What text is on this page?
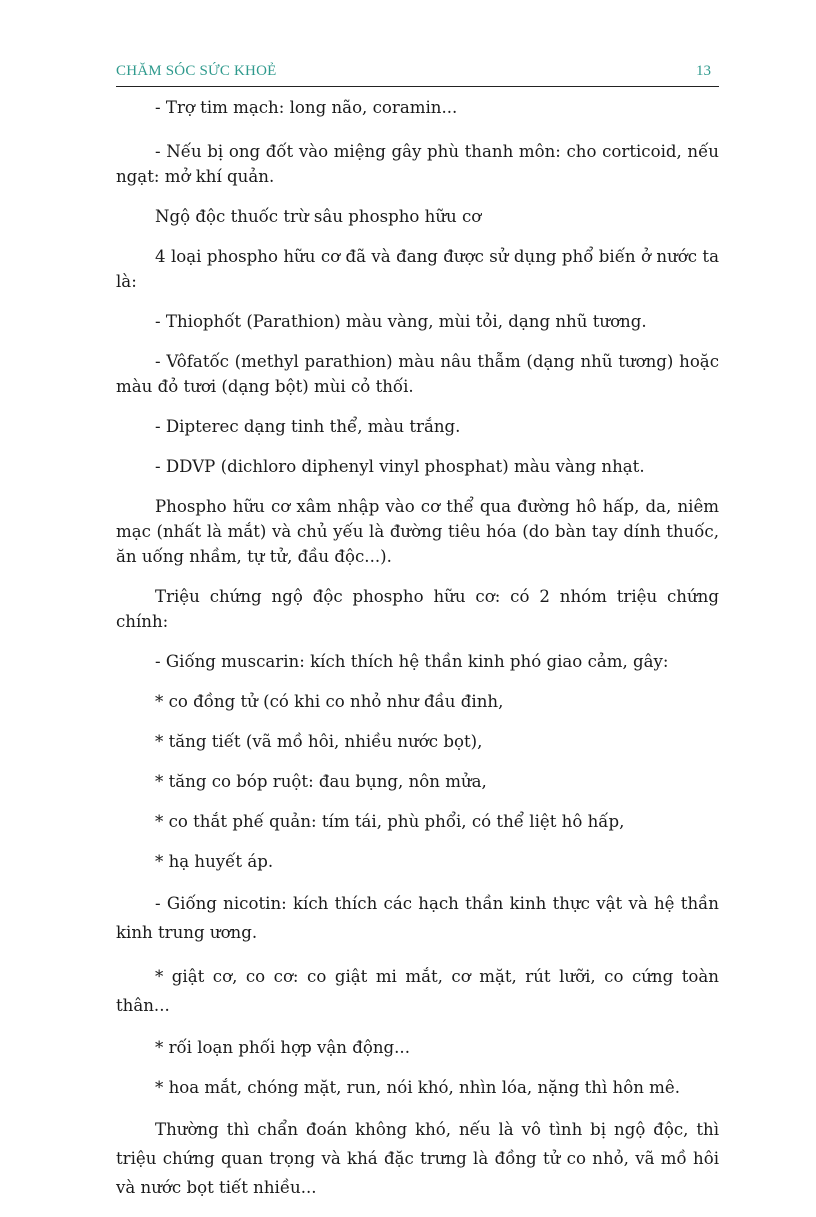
CHĂM SÓC SỨC KHOẺ	13

- Trợ tim mạch: long não, coramin...

- Nếu bị ong đốt vào miệng gây phù thanh môn: cho corticoid, nếu ngạt: mở khí quản.

Ngộ độc thuốc trừ sâu phospho hữu cơ

4 loại phospho hữu cơ đã và đang được sử dụng phổ biến ở nước ta là:

- Thiophốt (Parathion) màu vàng, mùi tỏi, dạng nhũ tương.

- Vôfatốc (methyl parathion) màu nâu thẫm (dạng nhũ tương) hoặc màu đỏ tươi (dạng bột) mùi cỏ thối.

- Dipterec dạng tinh thể, màu trắng.

- DDVP (dichloro diphenyl vinyl phosphat) màu vàng nhạt.

Phospho hữu cơ xâm nhập vào cơ thể qua đường hô hấp, da, niêm mạc (nhất là mắt) và chủ yếu là đường tiêu hóa (do bàn tay dính thuốc, ăn uống nhầm, tự tử, đầu độc...).

Triệu chứng ngộ độc phospho hữu cơ: có 2 nhóm triệu chứng chính:

- Giống muscarin: kích thích hệ thần kinh phó giao cảm, gây:

* co đồng tử (có khi co nhỏ như đầu đinh,

* tăng tiết (vã mồ hôi, nhiều nước bọt),

* tăng co bóp ruột: đau bụng, nôn mửa,

* co thắt phế quản: tím tái, phù phổi, có thể liệt hô hấp,

* hạ huyết áp.

- Giống nicotin: kích thích các hạch thần kinh thực vật và hệ thần kinh trung ương.

* giật cơ, co cơ: co giật mi mắt, cơ mặt, rút lưỡi, co cứng toàn thân...

* rối loạn phối hợp vận động...

* hoa mắt, chóng mặt, run, nói khó, nhìn lóa, nặng thì hôn mê.

Thường thì chẩn đoán không khó, nếu là vô tình bị ngộ độc, thì triệu chứng quan trọng và khá đặc trưng là đồng tử co nhỏ, vã mồ hôi và nước bọt tiết nhiều...
